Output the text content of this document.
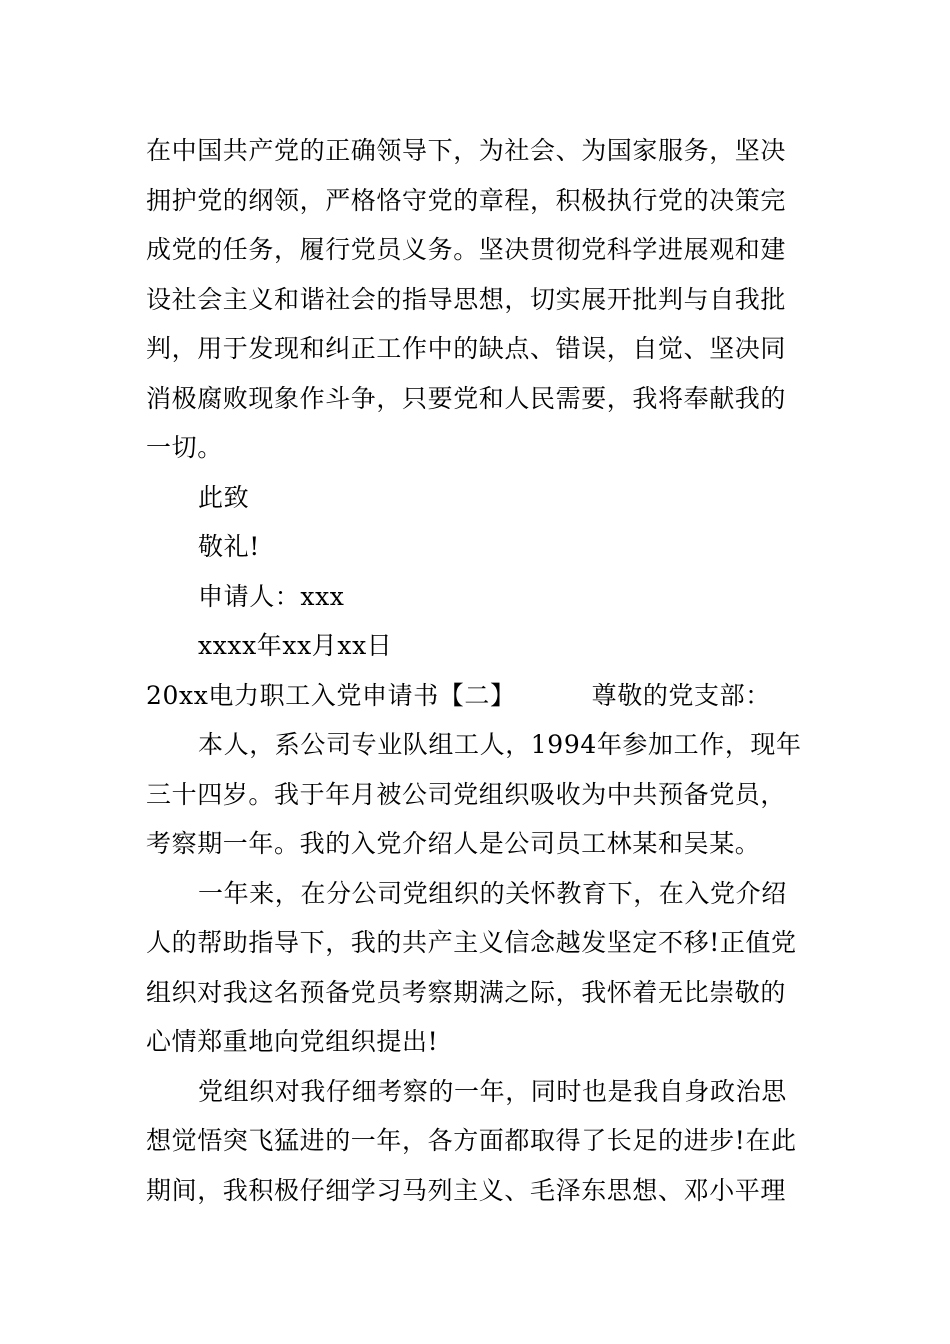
在中国共产党的正确领导下，为社会、为国家服务，坚决
拥护党的纲领，严格恪守党的章程，积极执行党的决策完
成党的任务，履行党员义务。坚决贯彻党科学进展观和建
设社会主义和谐社会的指导思想，切实展开批判与自我批
判，用于发现和纠正工作中的缺点、错误，自觉、坚决同
消极腐败现象作斗争，只要党和人民需要，我将奉献我的
一切。
此致
敬礼!
申请人：xxx
xxxx年xx月xx日
20xx电力职工入党申请书【二】	尊敬的党支部：
本人，系公司专业队组工人，1994年参加工作，现年
三十四岁。我于年月被公司党组织吸收为中共预备党员，
考察期一年。我的入党介绍人是公司员工林某和吴某。
一年来，在分公司党组织的关怀教育下，在入党介绍
人的帮助指导下，我的共产主义信念越发坚定不移!正值党
组织对我这名预备党员考察期满之际，我怀着无比崇敬的
心情郑重地向党组织提出!
党组织对我仔细考察的一年，同时也是我自身政治思
想觉悟突飞猛进的一年，各方面都取得了长足的进步!在此
期间，我积极仔细学习马列主义、毛泽东思想、邓小平理
